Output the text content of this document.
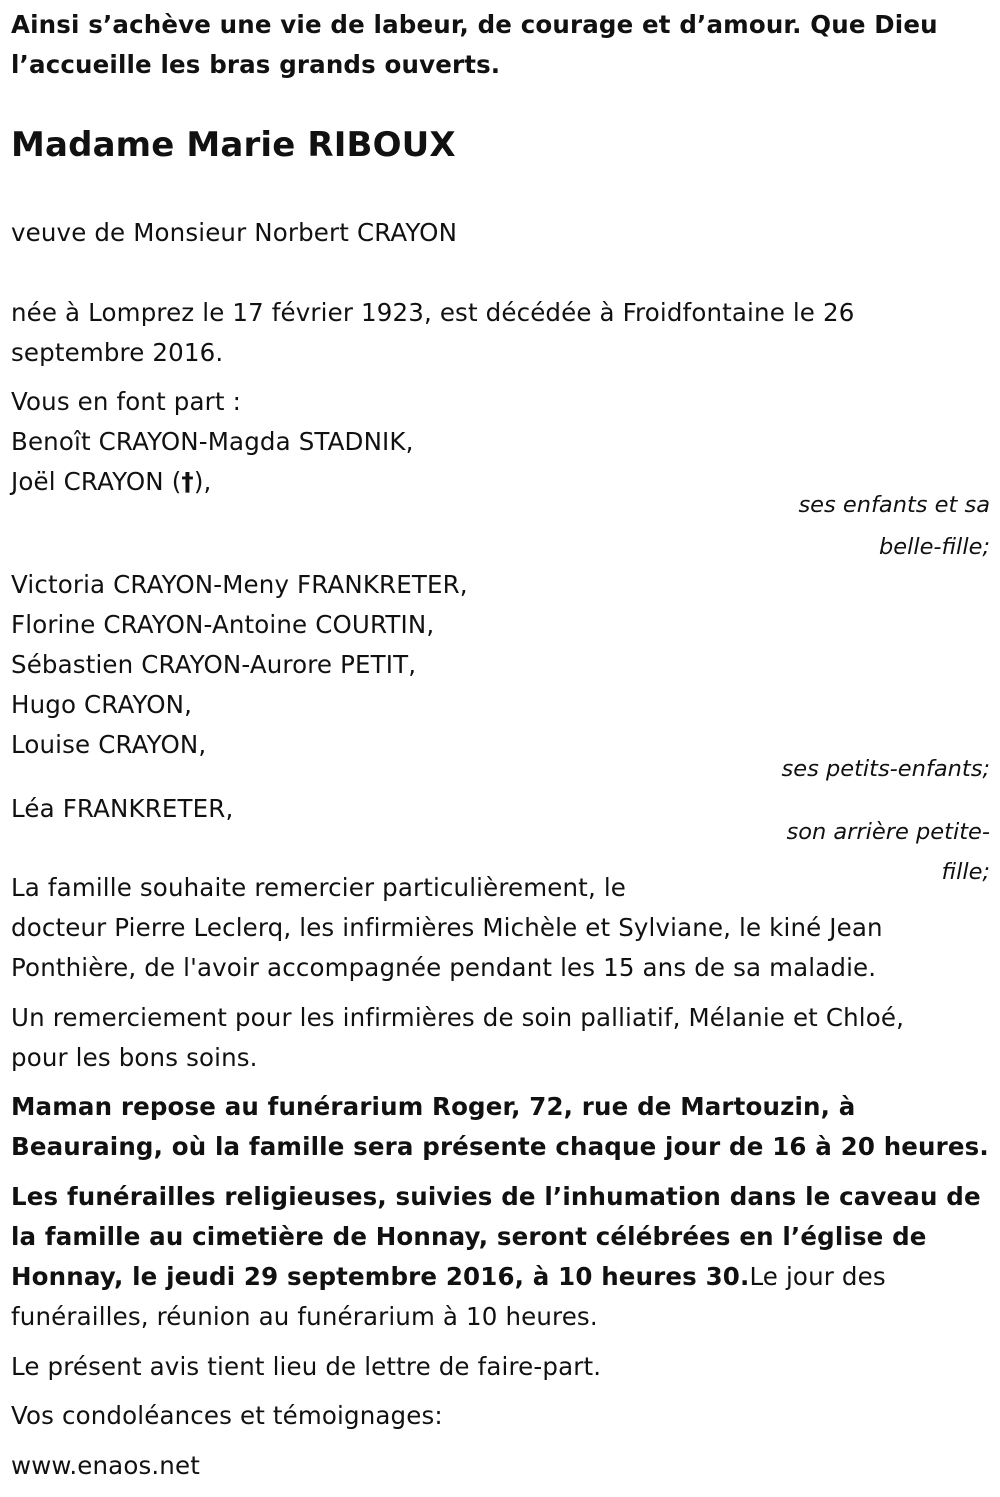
Ainsi s’achève une vie de labeur, de courage et d’amour. Que Dieu

l’accueille les bras grands ouverts.

Madame Marie RIBOUX

veuve de Monsieur Norbert CRAYON

née à Lomprez le 17 février 1923, est décédée à Froidfontaine le 26

septembre 2016.

Vous en font part :

Benoît CRAYON-Magda STADNIK,

Joël CRAYON (†),

ses enfants et sa

belle-fille;

Victoria CRAYON-Meny FRANKRETER,

Florine CRAYON-Antoine COURTIN,

Sébastien CRAYON-Aurore PETIT,

Hugo CRAYON,

Louise CRAYON,

ses petits-enfants;

Léa FRANKRETER,

son arrière petite-

fille;

La famille souhaite remercier particulièrement, le

docteur Pierre Leclerq, les infirmières Michèle et Sylviane, le kiné Jean

Ponthière, de l'avoir accompagnée pendant les 15 ans de sa maladie.

Un remerciement pour les infirmières de soin palliatif, Mélanie et Chloé,

pour les bons soins.

Maman repose au funérarium Roger, 72, rue de Martouzin, à

Beauraing, où la famille sera présente chaque jour de 16 à 20 heures.

Les funérailles religieuses, suivies de l’inhumation dans le caveau de

la famille au cimetière de Honnay, seront célébrées en l’église de

Honnay, le jeudi 29 septembre 2016, à 10 heures 30.Le jour des

funérailles, réunion au funérarium à 10 heures.

Le présent avis tient lieu de lettre de faire-part.

Vos condoléances et témoignages:

www.enaos.net
